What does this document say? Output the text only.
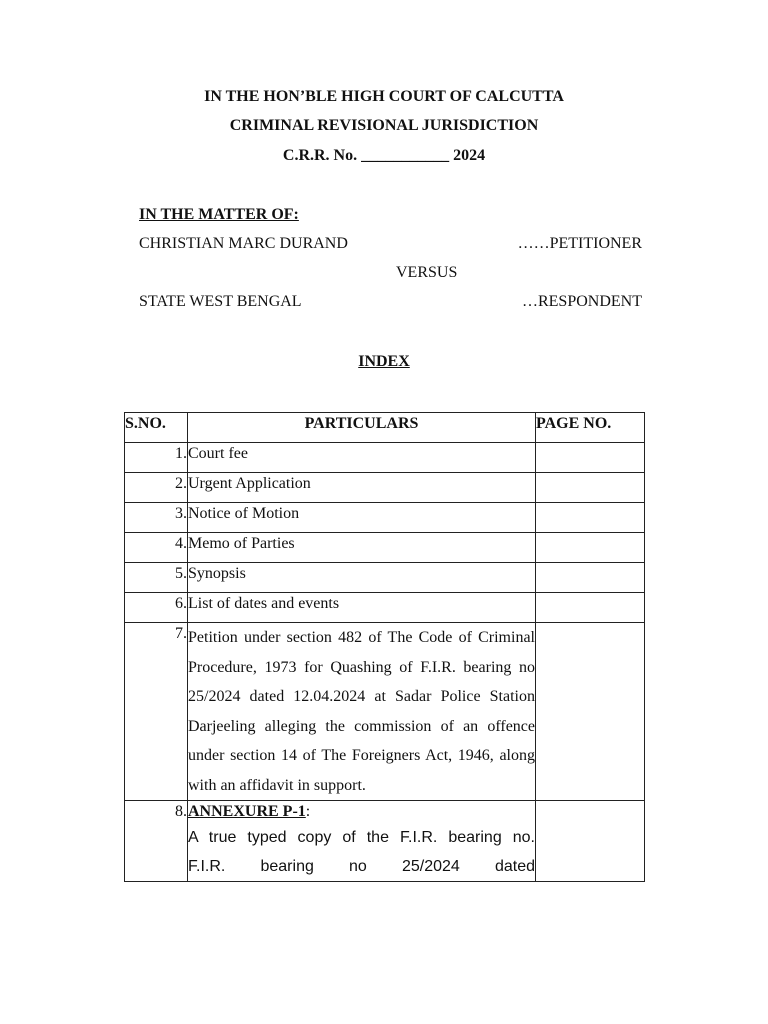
IN THE HON’BLE HIGH COURT OF CALCUTTA
CRIMINAL REVISIONAL JURISDICTION
C.R.R. No. ___________ 2024
IN THE MATTER OF:
CHRISTIAN MARC DURAND	……PETITIONER
VERSUS
STATE WEST BENGAL	…RESPONDENT
INDEX
S.NO.	PARTICULARS	PAGE NO.
1.	Court fee	
2.	Urgent Application	
3.	Notice of Motion	
4.	Memo of Parties	
5.	Synopsis	
6.	List of dates and events	
7.	Petition under section 482 of The Code of Criminal Procedure, 1973 for Quashing of F.I.R. bearing no 25/2024 dated 12.04.2024 at Sadar Police Station Darjeeling alleging the commission of an offence under section 14 of The Foreigners Act, 1946, along with an affidavit in support.	
8.	ANNEXURE P-1:
A true typed copy of the F.I.R. bearing no.
F.I.R. bearing no 25/2024 dated	
